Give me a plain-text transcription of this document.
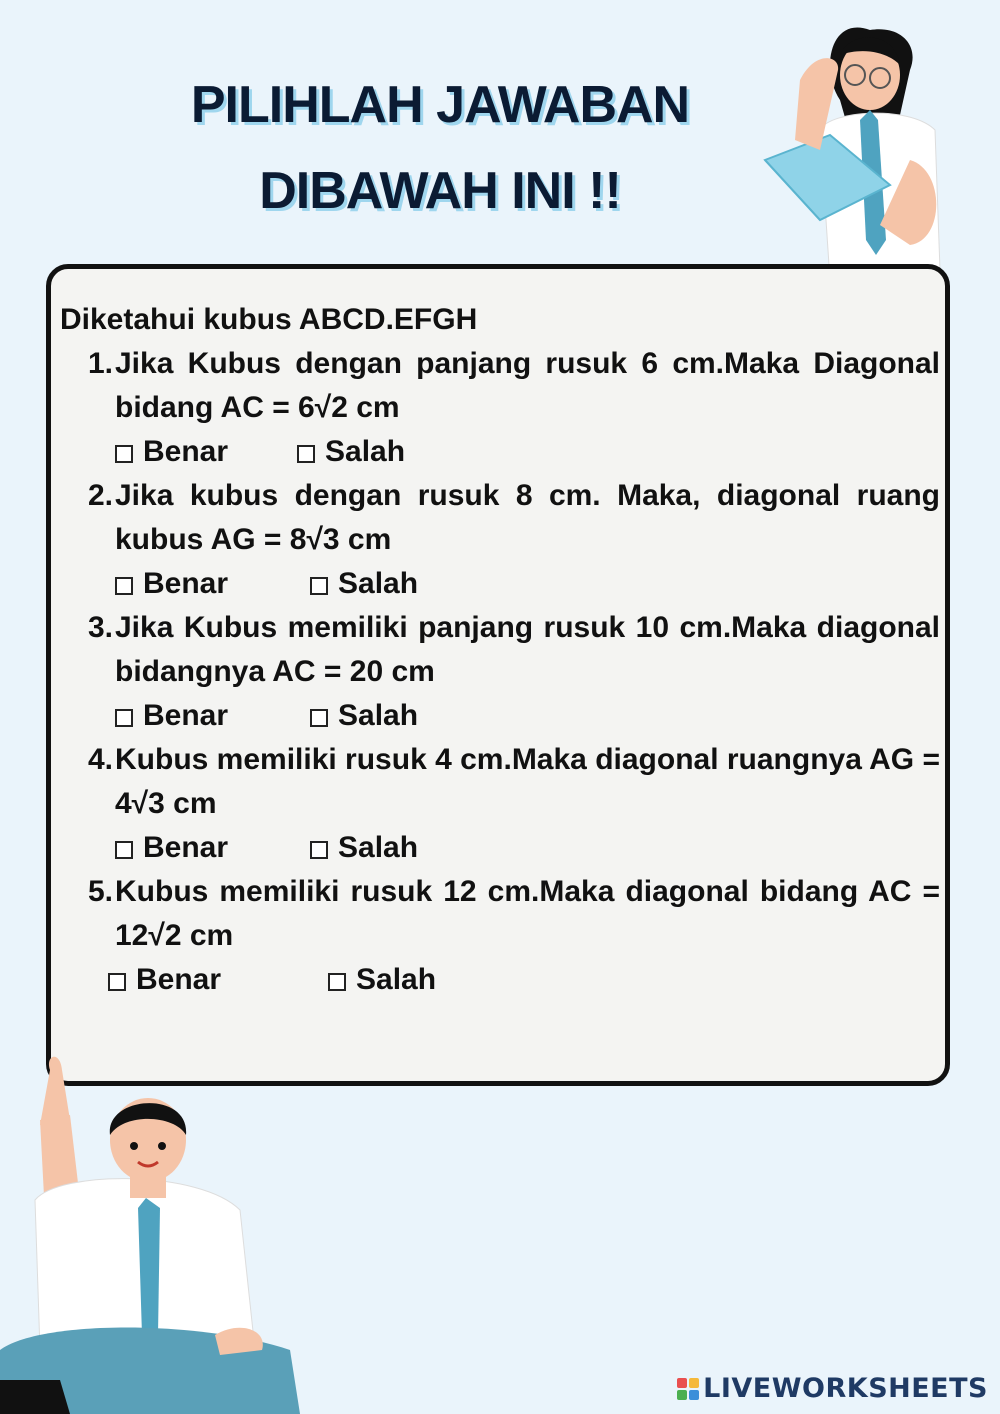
PILIHLAH JAWABAN
DIBAWAH INI !!
Diketahui kubus ABCD.EFGH
1. Jika Kubus dengan panjang rusuk 6 cm.Maka Diagonal bidang AC = 6√2 cm
Benar	Salah
2. Jika kubus dengan rusuk 8 cm. Maka, diagonal ruang kubus AG = 8√3 cm
Benar	Salah
3. Jika Kubus memiliki panjang rusuk 10 cm.Maka diagonal bidangnya AC = 20 cm
Benar	Salah
4. Kubus memiliki rusuk 4 cm.Maka diagonal ruangnya AG = 4√3 cm
Benar	Salah
5. Kubus memiliki rusuk 12 cm.Maka diagonal bidang AC = 12√2 cm
Benar	Salah
LIVEWORKSHEETS
